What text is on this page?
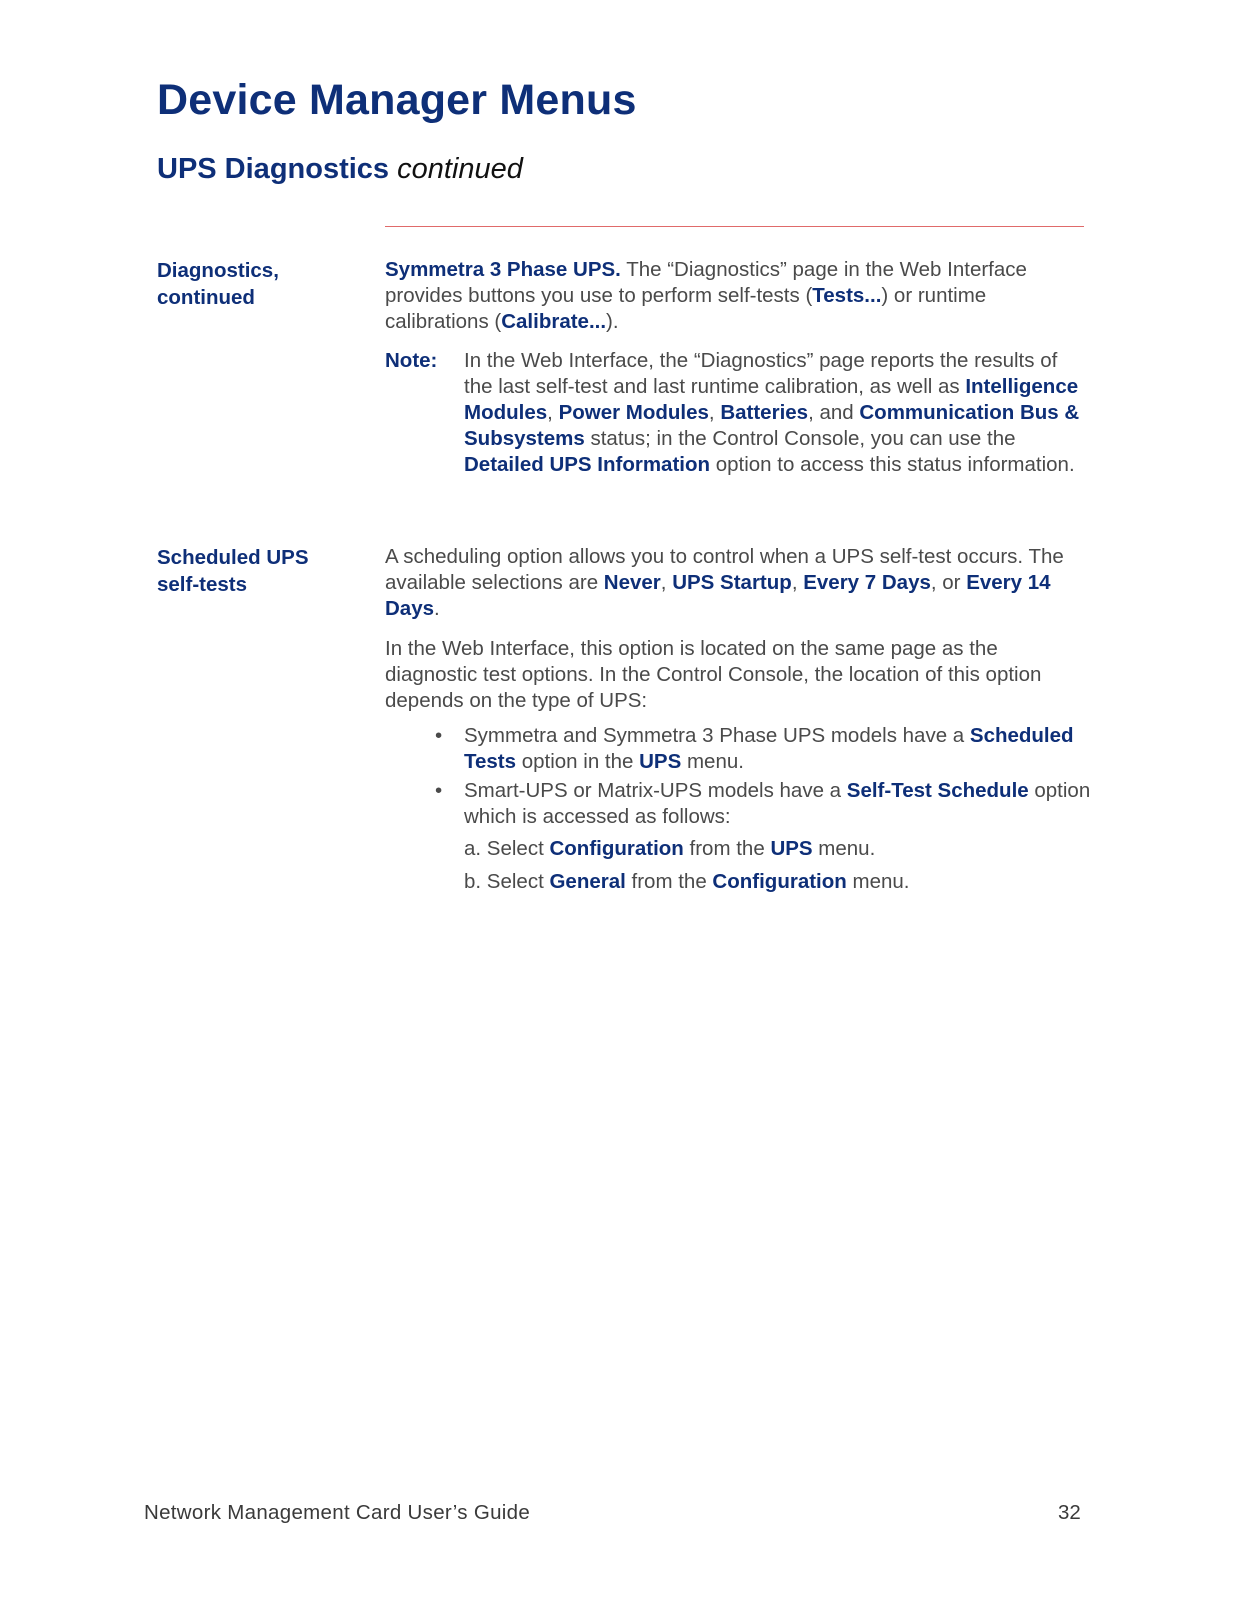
Device Manager Menus
UPS Diagnostics continued
Diagnostics,
continued

Symmetra 3 Phase UPS. The “Diagnostics” page in the Web Interface provides buttons you use to perform self-tests (Tests...) or runtime calibrations (Calibrate...).

Note: In the Web Interface, the “Diagnostics” page reports the results of the last self-test and last runtime calibration, as well as Intelligence Modules, Power Modules, Batteries, and Communication Bus & Subsystems status; in the Control Console, you can use the Detailed UPS Information option to access this status information.
Scheduled UPS
self-tests

A scheduling option allows you to control when a UPS self-test occurs. The available selections are Never, UPS Startup, Every 7 Days, or Every 14 Days.

In the Web Interface, this option is located on the same page as the diagnostic test options. In the Control Console, the location of this option depends on the type of UPS:

• Symmetra and Symmetra 3 Phase UPS models have a Scheduled Tests option in the UPS menu.
• Smart-UPS or Matrix-UPS models have a Self-Test Schedule option which is accessed as follows:

a. Select Configuration from the UPS menu.

b. Select General from the Configuration menu.

Network Management Card User’s Guide	32
